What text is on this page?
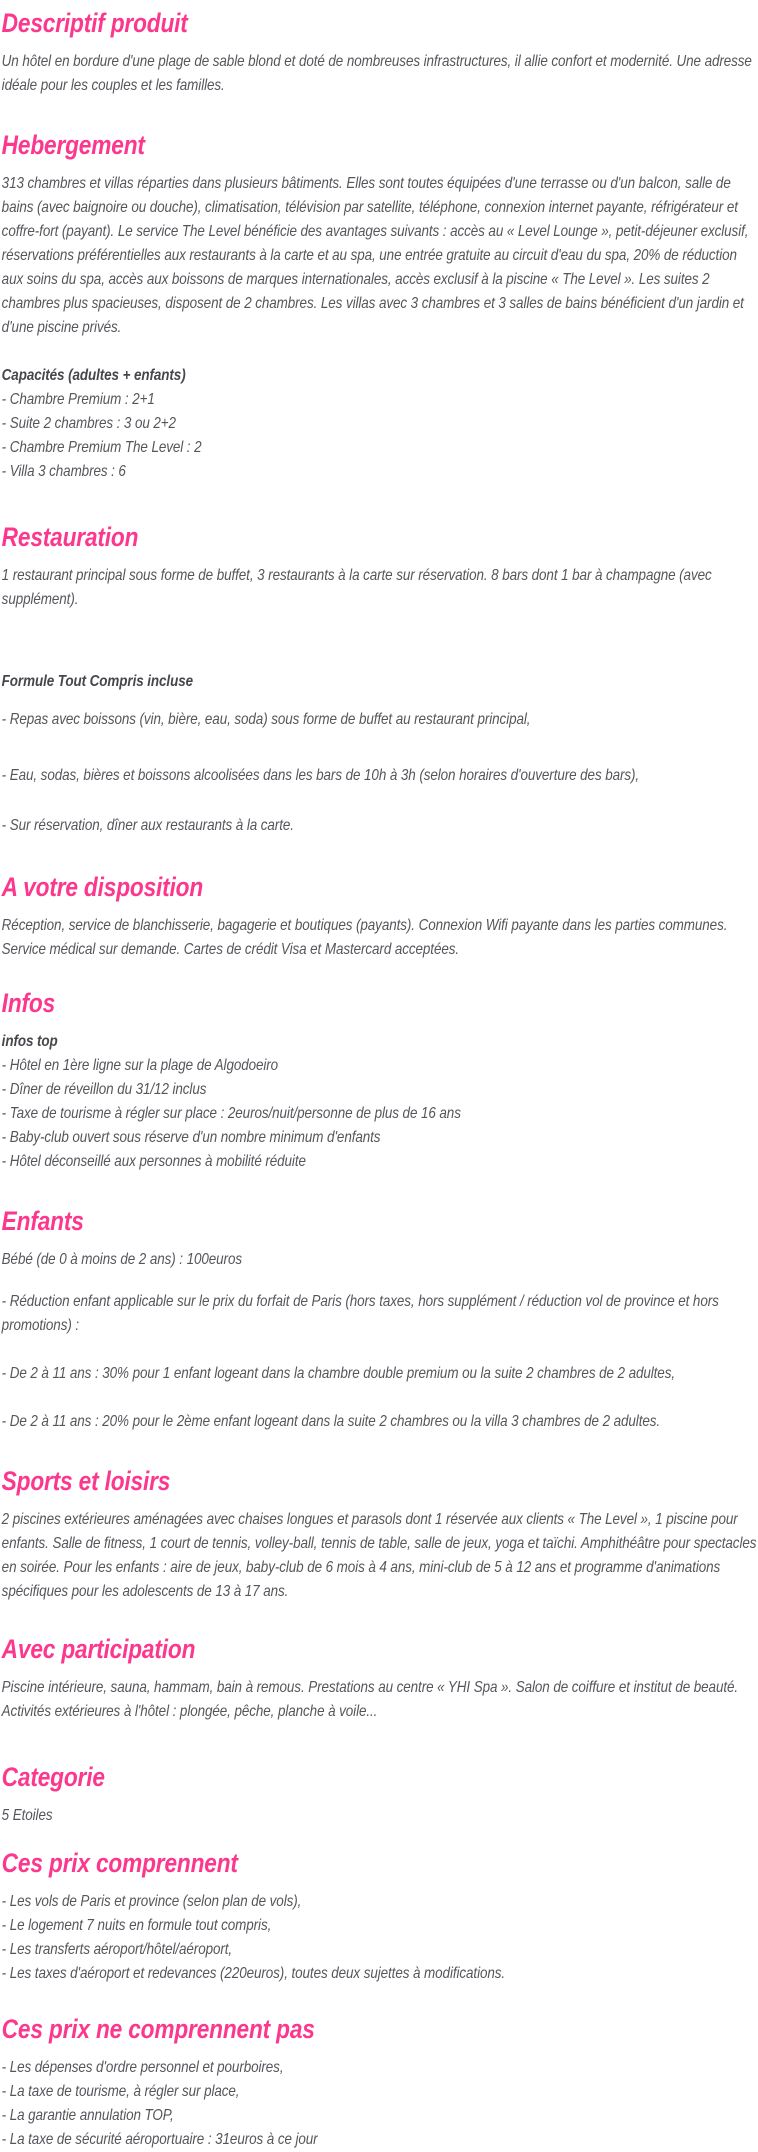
Descriptif produit

Un hôtel en bordure d'une plage de sable blond et doté de nombreuses infrastructures, il allie confort et modernité. Une adresse idéale pour les couples et les familles.

Hebergement

313 chambres et villas réparties dans plusieurs bâtiments. Elles sont toutes équipées d'une terrasse ou d'un balcon, salle de bains (avec baignoire ou douche), climatisation, télévision par satellite, téléphone, connexion internet payante, réfrigérateur et coffre-fort (payant). Le service The Level bénéficie des avantages suivants : accès au « Level Lounge », petit-déjeuner exclusif, réservations préférentielles aux restaurants à la carte et au spa, une entrée gratuite au circuit d'eau du spa, 20% de réduction aux soins du spa, accès aux boissons de marques internationales, accès exclusif à la piscine « The Level ». Les suites 2 chambres plus spacieuses, disposent de 2 chambres. Les villas avec 3 chambres et 3 salles de bains bénéficient d'un jardin et d'une piscine privés.

Capacités (adultes + enfants)
- Chambre Premium : 2+1
- Suite 2 chambres : 3 ou 2+2
- Chambre Premium The Level : 2
- Villa 3 chambres : 6
Restauration

1 restaurant principal sous forme de buffet, 3 restaurants à la carte sur réservation. 8 bars dont 1 bar à champagne (avec supplément).

Formule Tout Compris incluse

- Repas avec boissons (vin, bière, eau, soda) sous forme de buffet au restaurant principal,

- Eau, sodas, bières et boissons alcoolisées dans les bars de 10h à 3h (selon horaires d'ouverture des bars),

- Sur réservation, dîner aux restaurants à la carte.

A votre disposition

Réception, service de blanchisserie, bagagerie et boutiques (payants). Connexion Wifi payante dans les parties communes. Service médical sur demande. Cartes de crédit Visa et Mastercard acceptées.

Infos
infos top
- Hôtel en 1ère ligne sur la plage de Algodoeiro
- Dîner de réveillon du 31/12 inclus
- Taxe de tourisme à régler sur place : 2euros/nuit/personne de plus de 16 ans
- Baby-club ouvert sous réserve d'un nombre minimum d'enfants
- Hôtel déconseillé aux personnes à mobilité réduite
Enfants

Bébé (de 0 à moins de 2 ans) : 100euros

- Réduction enfant applicable sur le prix du forfait de Paris (hors taxes, hors supplément / réduction vol de province et hors promotions) :

- De 2 à 11 ans : 30% pour 1 enfant logeant dans la chambre double premium ou la suite 2 chambres de 2 adultes,

- De 2 à 11 ans : 20% pour le 2ème enfant logeant dans la suite 2 chambres ou la villa 3 chambres de 2 adultes.

Sports et loisirs

2 piscines extérieures aménagées avec chaises longues et parasols dont 1 réservée aux clients « The Level », 1 piscine pour enfants. Salle de fitness, 1 court de tennis, volley-ball, tennis de table, salle de jeux, yoga et taïchi. Amphithéâtre pour spectacles en soirée. Pour les enfants : aire de jeux, baby-club de 6 mois à 4 ans, mini-club de 5 à 12 ans et programme d'animations spécifiques pour les adolescents de 13 à 17 ans.

Avec participation

Piscine intérieure, sauna, hammam, bain à remous. Prestations au centre « YHI Spa ». Salon de coiffure et institut de beauté. Activités extérieures à l'hôtel : plongée, pêche, planche à voile...

Categorie

5 Etoiles

Ces prix comprennent
- Les vols de Paris et province (selon plan de vols),
- Le logement 7 nuits en formule tout compris,
- Les transferts aéroport/hôtel/aéroport,
- Les taxes d'aéroport et redevances (220euros), toutes deux sujettes à modifications.
Ces prix ne comprennent pas
- Les dépenses d'ordre personnel et pourboires,
- La taxe de tourisme, à régler sur place,
- La garantie annulation TOP,
- La taxe de sécurité aéroportuaire : 31euros à ce jour
